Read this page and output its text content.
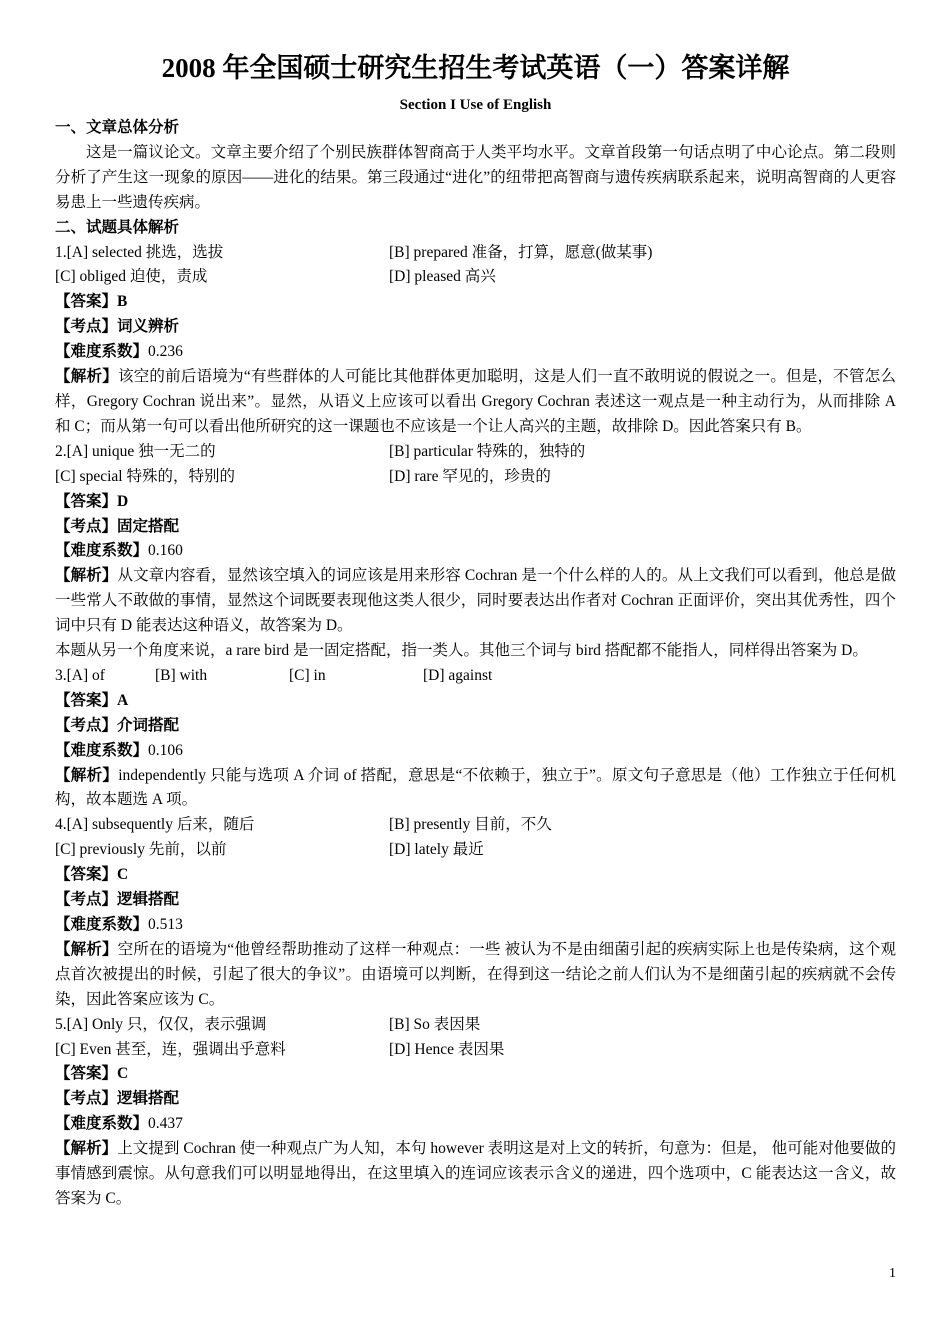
2008 年全国硕士研究生招生考试英语（一）答案详解

Section I Use of English

一、文章总体分析

这是一篇议论文。文章主要介绍了个别民族群体智商高于人类平均水平。文章首段第一句话点明了中心论点。第二段则分析了产生这一现象的原因——进化的结果。第三段通过“进化”的纽带把高智商与遗传疾病联系起来，说明高智商的人更容易患上一些遗传疾病。

二、试题具体解析

1.[A] selected 挑选，选拔	[B] prepared 准备，打算，愿意(做某事)
[C] obliged 迫使，责成	[D] pleased 高兴

【答案】B

【考点】词义辨析

【难度系数】0.236

【解析】该空的前后语境为“有些群体的人可能比其他群体更加聪明，这是人们一直不敢明说的假说之一。但是，不管怎么样，Gregory Cochran 说出来”。显然，从语义上应该可以看出 Gregory Cochran 表述这一观点是一种主动行为，从而排除 A 和 C；而从第一句可以看出他所研究的这一课题也不应该是一个让人高兴的主题，故排除 D。因此答案只有 B。

2.[A] unique 独一无二的	[B] particular 特殊的，独特的
[C] special 特殊的，特别的	[D] rare 罕见的，珍贵的

【答案】D

【考点】固定搭配

【难度系数】0.160

【解析】从文章内容看，显然该空填入的词应该是用来形容 Cochran 是一个什么样的人的。从上文我们可以看到，他总是做一些常人不敢做的事情，显然这个词既要表现他这类人很少，同时要表达出作者对 Cochran 正面评价，突出其优秀性，四个词中只有 D 能表达这种语义，故答案为 D。

本题从另一个角度来说，a rare bird 是一固定搭配，指一类人。其他三个词与 bird 搭配都不能指人，同样得出答案为 D。

3.[A] of	[B] with	[C] in	[D] against

【答案】A

【考点】介词搭配

【难度系数】0.106

【解析】independently 只能与选项 A 介词 of 搭配，意思是“不依赖于，独立于”。原文句子意思是（他）工作独立于任何机构，故本题选 A 项。

4.[A] subsequently 后来，随后	[B] presently 目前，不久
[C] previously 先前，以前	[D] lately 最近

【答案】C

【考点】逻辑搭配

【难度系数】0.513

【解析】空所在的语境为“他曾经帮助推动了这样一种观点：一些 被认为不是由细菌引起的疾病实际上也是传染病，这个观点首次被提出的时候，引起了很大的争议”。由语境可以判断，在得到这一结论之前人们认为不是细菌引起的疾病就不会传染，因此答案应该为 C。

5.[A] Only 只，仅仅，表示强调	[B] So 表因果
[C] Even 甚至，连，强调出乎意料	[D] Hence 表因果

【答案】C

【考点】逻辑搭配

【难度系数】0.437

【解析】上文提到 Cochran 使一种观点广为人知，本句 however 表明这是对上文的转折，句意为：但是， 他可能对他要做的事情感到震惊。从句意我们可以明显地得出，在这里填入的连词应该表示含义的递进，四个选项中，C 能表达这一含义，故答案为 C。

1
